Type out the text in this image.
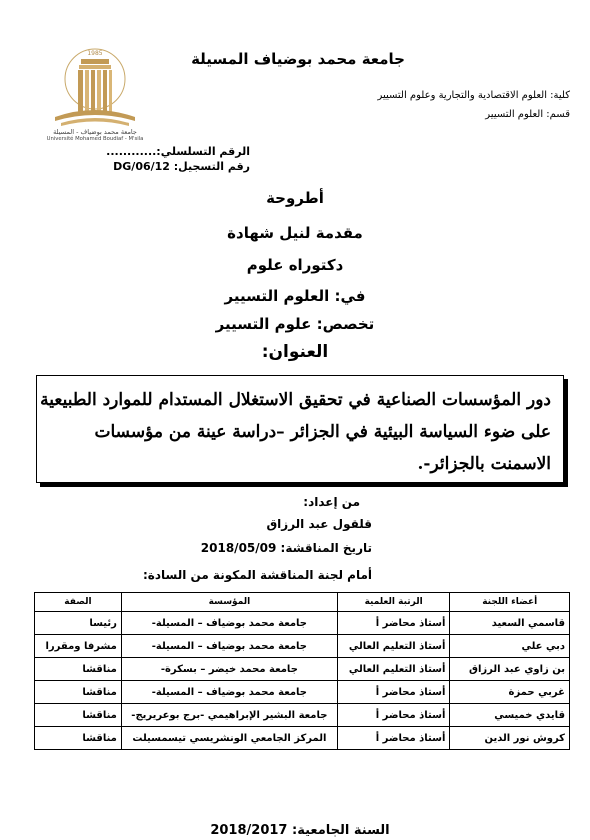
جامعة محمد بوضياف المسيلة
كلية: العلوم الاقتصادية والتجارية وعلوم التسيير
قسم: العلوم التسيير
1985
جامعة محمد بوضياف - المسيلة
Université Mohamed Boudiaf - M'sila
الرقم التسلسلي:............
رقم التسجيل: DG/06/12
أطروحة
مقدمة لنيل شهادة
دكتوراه علوم
في: العلوم التسيير
تخصص: علوم التسيير
العنوان:
دور المؤسسات الصناعية في تحقيق الاستغلال المستدام للموارد الطبيعية
على ضوء السياسة البيئية في الجزائر –دراسة عينة من مؤسسات
الاسمنت بالجزائر-.
من إعداد:
قلقول عبد الرزاق
تاريخ المناقشة: 2018/05/09
أمام لجنة المناقشة المكونة من السادة:
أعضاء اللجنة	الرتبة العلمية	المؤسسة	الصفة
قاسمي السعيد	أستاذ محاضر أ	جامعة محمد بوضياف – المسيلة-	رئيسا
دبي علي	أستاذ التعليم العالي	جامعة محمد بوضياف – المسيلة-	مشرفا ومقررا
بن زاوي عبد الرزاق	أستاذ التعليم العالي	جامعة محمد خيضر – بسكرة-	مناقشا
غربي حمزة	أستاذ محاضر أ	جامعة محمد بوضياف – المسيلة-	مناقشا
قايدي خميسي	أستاذ محاضر أ	جامعة البشير الإبراهيمي -برج بوعريريج-	مناقشا
كروش نور الدين	أستاذ محاضر أ	المركز الجامعي الونشريسي تيسمسيلت	مناقشا
السنة الجامعية: 2018/2017
